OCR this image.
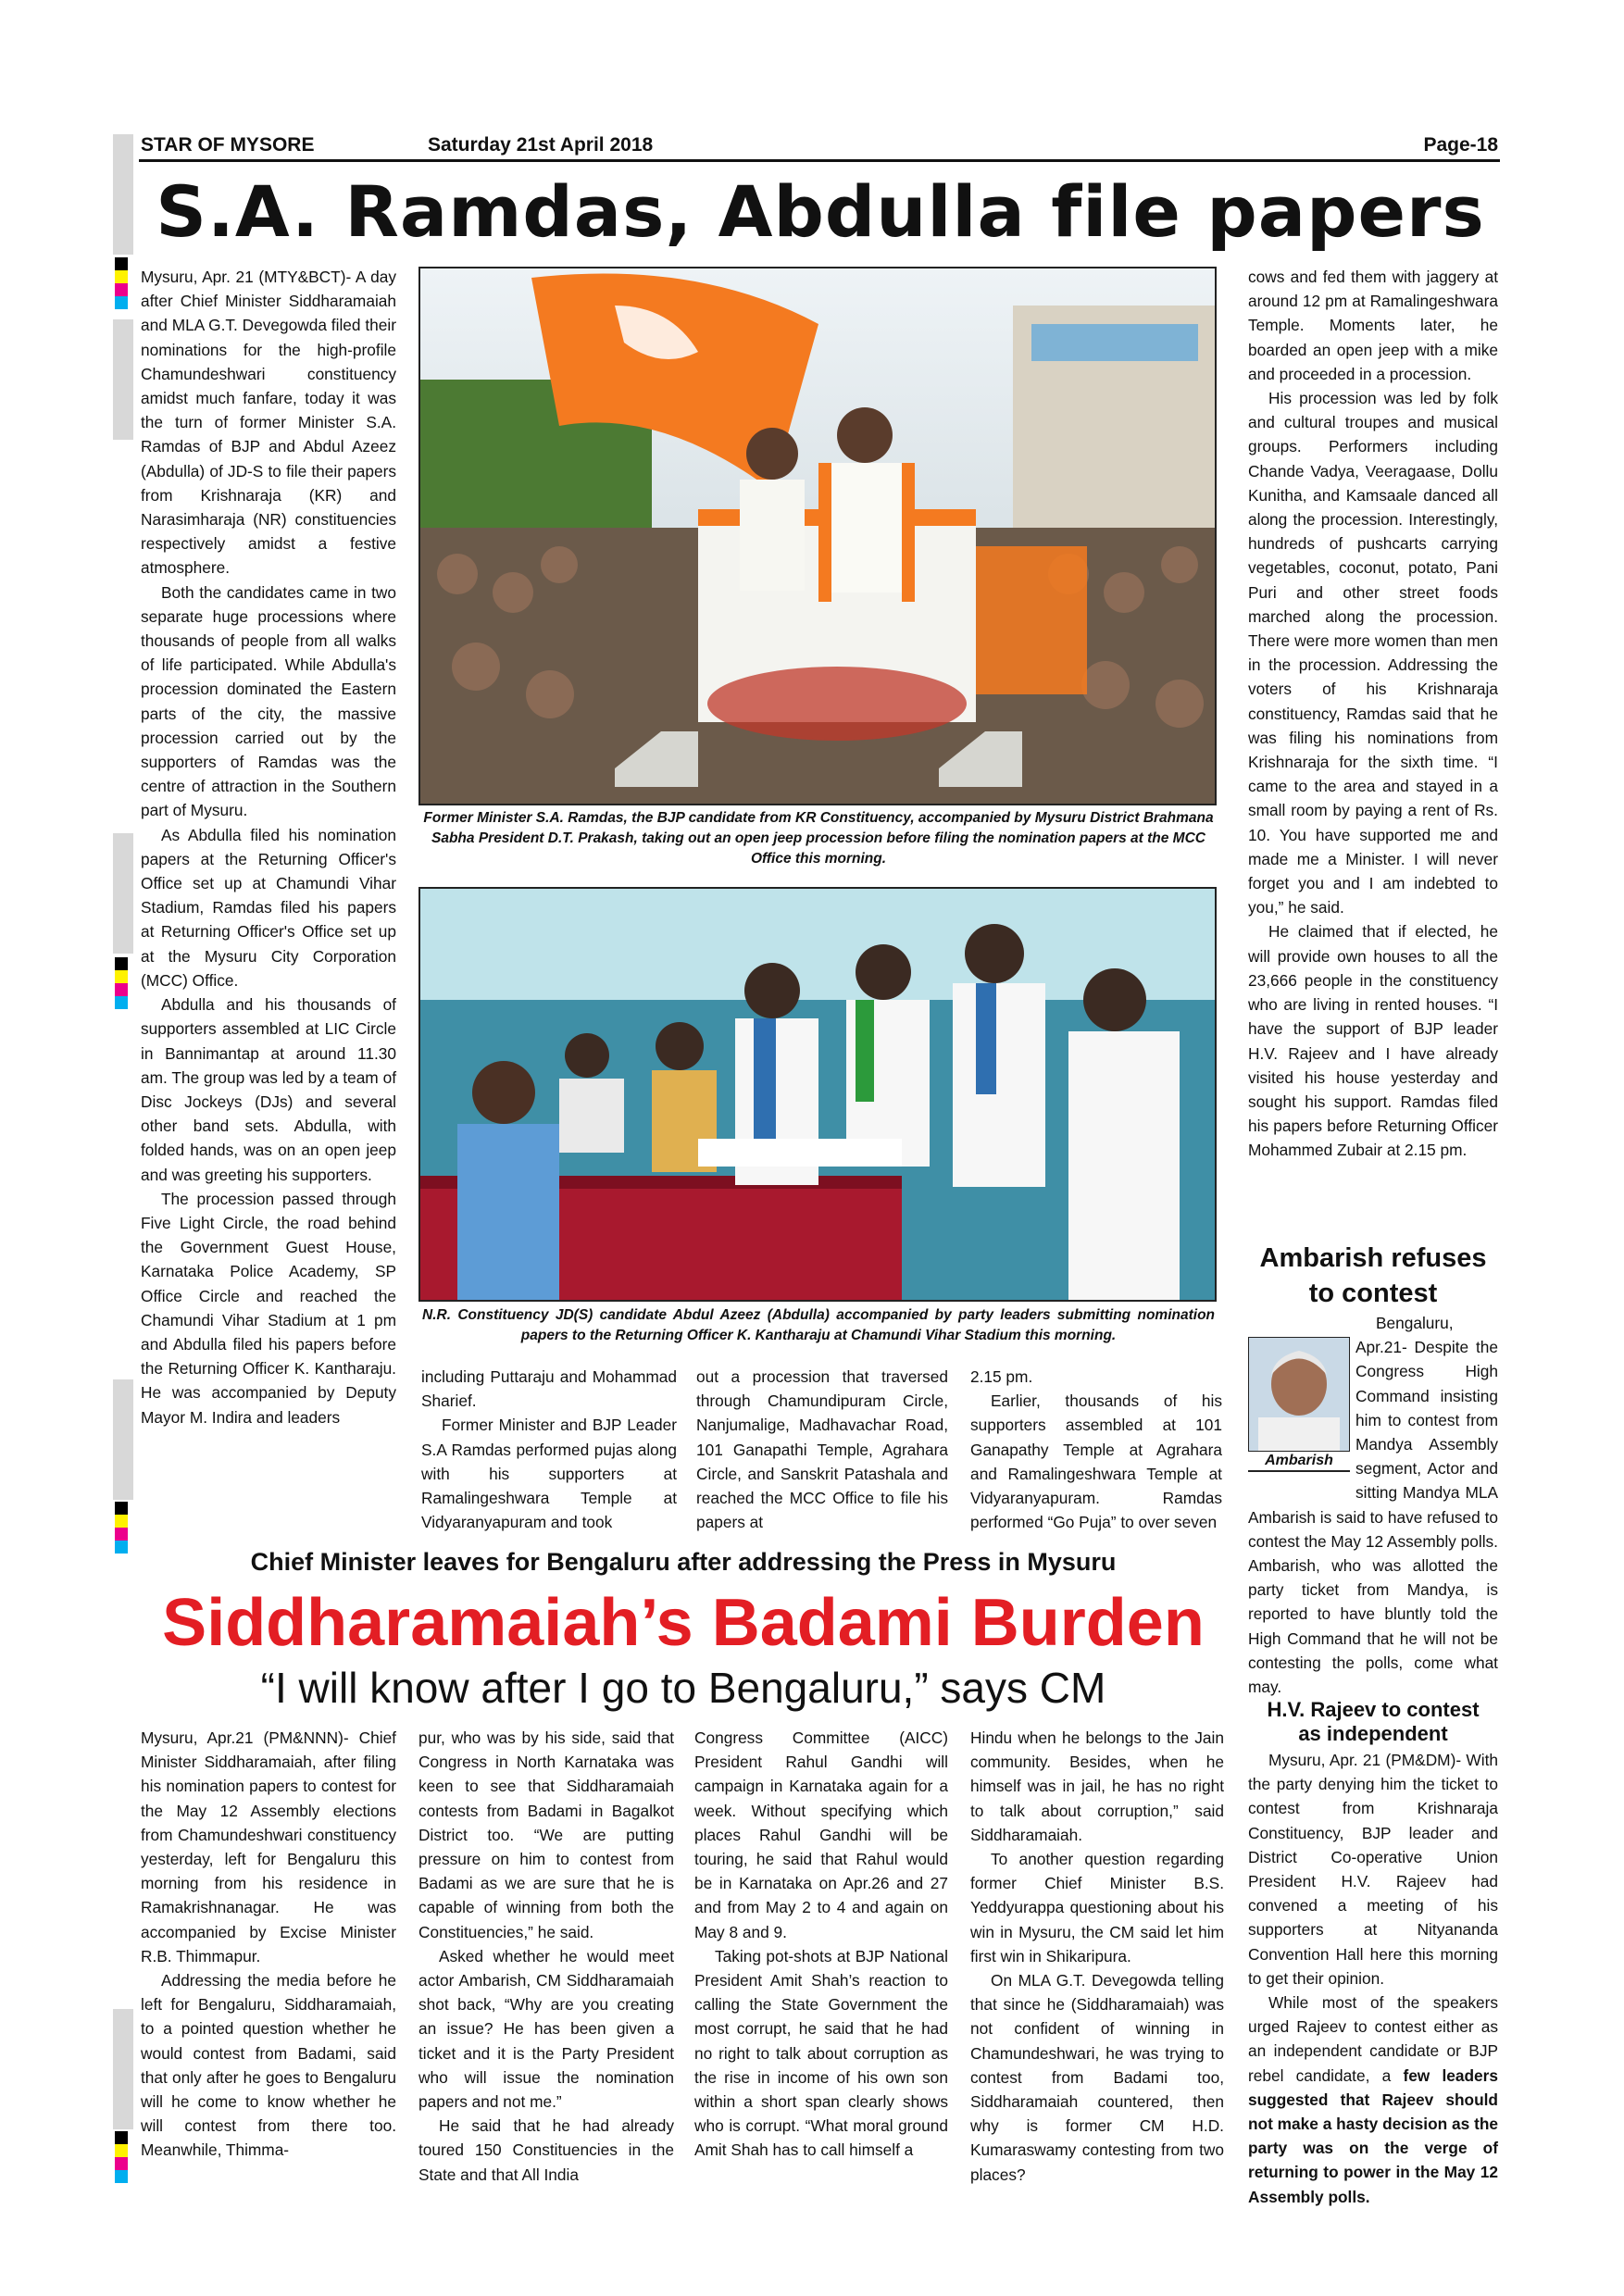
STAR OF MYSORE	Saturday 21st April 2018	Page-18
S.A. Ramdas, Abdulla file papers

Mysuru, Apr. 21 (MTY&BCT)- A day after Chief Minister Siddharamaiah and MLA G.T. Devegowda filed their nominations for the high-profile Chamundeshwari constituency amidst much fanfare, today it was the turn of former Minister S.A. Ramdas of BJP and Abdul Azeez (Abdulla) of JD-S to file their papers from Krishnaraja (KR) and Narasimharaja (NR) constituencies respectively amidst a festive atmosphere.

Both the candidates came in two separate huge processions where thousands of people from all walks of life participated. While Abdulla's procession dominated the Eastern parts of the city, the massive procession carried out by the supporters of Ramdas was the centre of attraction in the Southern part of Mysuru.

As Abdulla filed his nomination papers at the Returning Officer's Office set up at Chamundi Vihar Stadium, Ramdas filed his papers at Returning Officer's Office set up at the Mysuru City Corporation (MCC) Office.

Abdulla and his thousands of supporters assembled at LIC Circle in Bannimantap at around 11.30 am. The group was led by a team of Disc Jockeys (DJs) and several other band sets. Abdulla, with folded hands, was on an open jeep and was greeting his supporters.

The procession passed through Five Light Circle, the road behind the Government Guest House, Karnataka Police Academy, SP Office Circle and reached the Chamundi Vihar Stadium at 1 pm and Abdulla filed his papers before the Returning Officer K. Kantharaju. He was accompanied by Deputy Mayor M. Indira and leaders

Former Minister S.A. Ramdas, the BJP candidate from KR Constituency, accompanied by Mysuru District Brahmana Sabha President D.T. Prakash, taking out an open jeep procession before filing the nomination papers at the MCC Office this morning.
N.R. Constituency JD(S) candidate Abdul Azeez (Abdulla) accompanied by party leaders submitting nomination papers to the Returning Officer K. Kantharaju at Chamundi Vihar Stadium this morning.

including Puttaraju and Mohammad Sharief.

Former Minister and BJP Leader S.A Ramdas performed pujas along with his supporters at Ramalingeshwara Temple at Vidyaranyapuram and took

out a procession that traversed through Chamundipuram Circle, Nanjumalige, Madhavachar Road, 101 Ganapathi Temple, Agrahara Circle, and Sanskrit Patashala and reached the MCC Office to file his papers at

2.15 pm.

Earlier, thousands of his supporters assembled at 101 Ganapathy Temple at Agrahara and Ramalingeshwara Temple at Vidyaranyapuram. Ramdas performed “Go Puja” to over seven

cows and fed them with jaggery at around 12 pm at Ramalingeshwara Temple. Moments later, he boarded an open jeep with a mike and proceeded in a procession.

His procession was led by folk and cultural troupes and musical groups. Performers including Chande Vadya, Veeragaase, Dollu Kunitha, and Kamsaale danced all along the procession. Interestingly, hundreds of pushcarts carrying vegetables, coconut, potato, Pani Puri and other street foods marched along the procession. There were more women than men in the procession. Addressing the voters of his Krishnaraja constituency, Ramdas said that he was filing his nominations from Krishnaraja for the sixth time. “I came to the area and stayed in a small room by paying a rent of Rs. 10. You have supported me and made me a Minister. I will never forget you and I am indebted to you,” he said.

He claimed that if elected, he will provide own houses to all the 23,666 people in the constituency who are living in rented houses. “I have the support of BJP leader H.V. Rajeev and I have already visited his house yesterday and sought his support. Ramdas filed his papers before Returning Officer Mohammed Zubair at 2.15 pm.

Ambarish refuses to contest
Ambarish

Bengaluru, Apr.21- Despite the Congress High Command insisting him to contest from Mandya Assembly segment, Actor and sitting Mandya MLA Ambarish is said to have refused to contest the May 12 Assembly polls. Ambarish, who was allotted the party ticket from Mandya, is reported to have bluntly told the High Command that he will not be contesting the polls, come what may.

H.V. Rajeev to contest as independent

Mysuru, Apr. 21 (PM&DM)- With the party denying him the ticket to contest from Krishnaraja Constituency, BJP leader and District Co-operative Union President H.V. Rajeev had convened a meeting of his supporters at Nityananda Convention Hall here this morning to get their opinion.

While most of the speakers urged Rajeev to contest either as an independent candidate or BJP rebel candidate, a few leaders suggested that Rajeev should not make a hasty decision as the party was on the verge of returning to power in the May 12 Assembly polls.

Chief Minister leaves for Bengaluru after addressing the Press in Mysuru
Siddharamaiah’s Badami Burden
“I will know after I go to Bengaluru,” says CM

Mysuru, Apr.21 (PM&NNN)- Chief Minister Siddharamaiah, after filing his nomination papers to contest for the May 12 Assembly elections from Chamundeshwari constituency yesterday, left for Bengaluru this morning from his residence in Ramakrishnanagar. He was accompanied by Excise Minister R.B. Thimmapur.

Addressing the media before he left for Bengaluru, Siddharamaiah, to a pointed question whether he would contest from Badami, said that only after he goes to Bengaluru will he come to know whether he will contest from there too. Meanwhile, Thimma-

pur, who was by his side, said that Congress in North Karnataka was keen to see that Siddharamaiah contests from Badami in Bagalkot District too. “We are putting pressure on him to contest from Badami as we are sure that he is capable of winning from both the Constituencies,” he said.

Asked whether he would meet actor Ambarish, CM Siddharamaiah shot back, “Why are you creating an issue? He has been given a ticket and it is the Party President who will issue the nomination papers and not me.”

He said that he had already toured 150 Constituencies in the State and that All India

Congress Committee (AICC) President Rahul Gandhi will campaign in Karnataka again for a week. Without specifying which places Rahul Gandhi will be touring, he said that Rahul would be in Karnataka on Apr.26 and 27 and from May 2 to 4 and again on May 8 and 9.

Taking pot-shots at BJP National President Amit Shah’s reaction to calling the State Government the most corrupt, he said that he had no right to talk about corruption as the rise in income of his own son within a short span clearly shows who is corrupt. “What moral ground Amit Shah has to call himself a

Hindu when he belongs to the Jain community. Besides, when he himself was in jail, he has no right to talk about corruption,” said Siddharamaiah.

To another question regarding former Chief Minister B.S. Yeddyurappa questioning about his win in Mysuru, the CM said let him first win in Shikaripura.

On MLA G.T. Devegowda telling that since he (Siddharamaiah) was not confident of winning in Chamundeshwari, he was trying to contest from Badami too, Siddharamaiah countered, then why is former CM H.D. Kumaraswamy contesting from two places?
